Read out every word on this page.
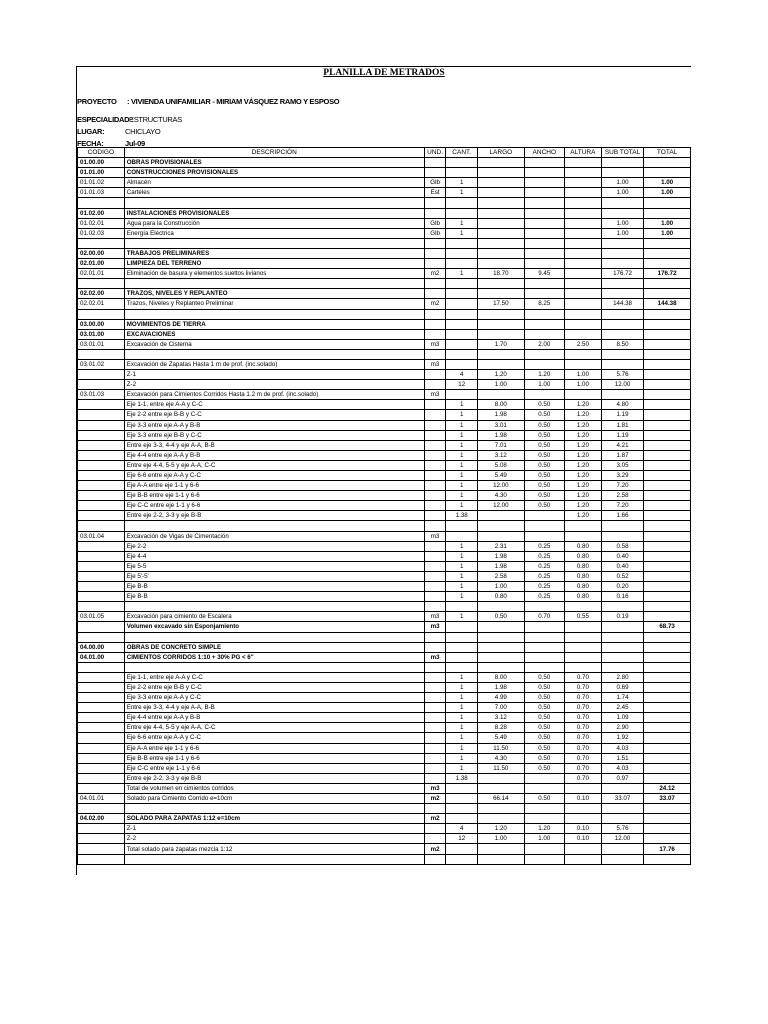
PLANILLA DE METRADOS
PROYECTO : VIVIENDA UNIFAMILIAR - MIRIAM VÁSQUEZ RAMO Y ESPOSO
ESPECIALIDAD :
ESTRUCTURAS
LUGAR:	CHICLAYO
FECHA:	Jul-09
CODIGO	DESCRIPCIÓN	UND.	CANT.	LARGO	ANCHO	ALTURA	SUB TOTAL	TOTAL
01.00.00	OBRAS PROVISIONALES							
01.01.00	CONSTRUCCIONES PROVISIONALES							
01.01.02	Almacén	Glb	1				1.00	1.00
01.01.03	Carteles	Est	1				1.00	1.00

01.02.00	INSTALACIONES PROVISIONALES							
01.02.01	Agua para la Construcción	Glb	1				1.00	1.00
01.02.03	Energía Eléctrica	Glb	1				1.00	1.00

02.00.00	TRABAJOS PRELIMINARES							
02.01.00	LIMPIEZA DEL TERRENO							
02.01.01	Eliminación de basura y elementos sueltos livianos	m2	1	18.70	9.45		176.72	176.72

02.02.00	TRAZOS, NIVELES Y REPLANTEO							
02.02.01	Trazos, Niveles y Replanteo Preliminar	m2		17.50	8.25		144.38	144.38

03.00.00	MOVIMIENTOS DE TIERRA							
03.01.00	EXCAVACIONES							
03.01.01	Excavación de Cisterna	m3		1.70	2.00	2.50	8.50	

03.01.02	Excavación de Zapatas Hasta 1 m de prof. (inc.solado)	m3						
	Z-1		4	1.20	1.20	1.00	5.76	
	Z-2		12	1.00	1.00	1.00	12.00	
03.01.03	Excavación para Cimientos Corridos Hasta 1.2 m de prof. (inc.solado)	m3						
	Eje 1-1, entre eje A-A y C-C		1	8.00	0.50	1.20	4.80	
	Eje 2-2 entre eje B-B y C-C		1	1.98	0.50	1.20	1.19	
	Eje 3-3 entre eje A-A y B-B		1	3.01	0.50	1.20	1.81	
	Eje 3-3 entre eje B-B y C-C		1	1.98	0.50	1.20	1.19	
	Entre eje 3-3, 4-4 y eje A-A, B-B		1	7.01	0.50	1.20	4.21	
	Eje 4-4 entre eje A-A y B-B		1	3.12	0.50	1.20	1.87	
	Entre eje 4-4, 5-5 y eje A-A, C-C		1	5.08	0.50	1.20	3.05	
	Eje 6-6 entre eje A-A y C-C		1	5.49	0.50	1.20	3.29	
	Eje A-A entre eje 1-1 y 6-6		1	12.00	0.50	1.20	7.20	
	Eje B-B entre eje 1-1 y 6-6		1	4.30	0.50	1.20	2.58	
	Eje C-C entre eje 1-1 y 6-6		1	12.00	0.50	1.20	7.20	
	Entre eje 2-2, 3-3 y eje B-B		1.38			1.20	1.66	

03.01.04	Excavación de Vigas de Cimentación	m3						
	Eje 2-2		1	2.31	0.25	0.80	0.58	
	Eje 4-4		1	1.98	0.25	0.80	0.40	
	Eje 5-5		1	1.98	0.25	0.80	0.40	
	Eje 5'-5'		1	2.58	0.25	0.80	0.52	
	Eje B-B		1	1.00	0.25	0.80	0.20	
	Eje B-B		1	0.80	0.25	0.80	0.16	

03.01.05	Excavación para cimiento de Escalera	m3	1	0.50	0.70	0.55	0.19	
	Volumen excavado sin Esponjamiento	m3						68.73

04.00.00	OBRAS DE CONCRETO SIMPLE							
04.01.00	CIMIENTOS CORRIDOS 1:10 + 30% PG < 6"	m3						

	Eje 1-1, entre eje A-A y C-C		1	8.00	0.50	0.70	2.80	
	Eje 2-2 entre eje B-B y C-C		1	1.98	0.50	0.70	0.69	
	Eje 3-3 entre eje A-A y C-C		1	4.99	0.50	0.70	1.74	
	Entre eje 3-3, 4-4 y eje A-A, B-B		1	7.00	0.50	0.70	2.45	
	Eje 4-4 entre eje A-A y B-B		1	3.12	0.50	0.70	1.09	
	Entre eje 4-4, 5-5 y eje A-A, C-C		1	8.28	0.50	0.70	2.90	
	Eje 6-6 entre eje A-A y C-C		1	5.49	0.50	0.70	1.92	
	Eje A-A entre eje 1-1 y 6-6		1	11.50	0.50	0.70	4.03	
	Eje B-B entre eje 1-1 y 6-6		1	4.30	0.50	0.70	1.51	
	Eje C-C entre eje 1-1 y 6-6		1	11.50	0.50	0.70	4.03	
	Entre eje 2-2, 3-3 y eje B-B		1.38			0.70	0.97	
	Total de volumen en cimientos corridos	m3						24.12
04.01.01	Solado para Cimiento Corrido e=10cm	m2		66.14	0.50	0.10	33.07	33.07

04.02.00	SOLADO PARA ZAPATAS 1:12 e=10cm	m2						
	Z-1		4	1.20	1.20	0.10	5.76	
	Z-2		12	1.00	1.00	0.10	12.00	
	Total solado para zapatas mezcla 1:12	m2						17.76
